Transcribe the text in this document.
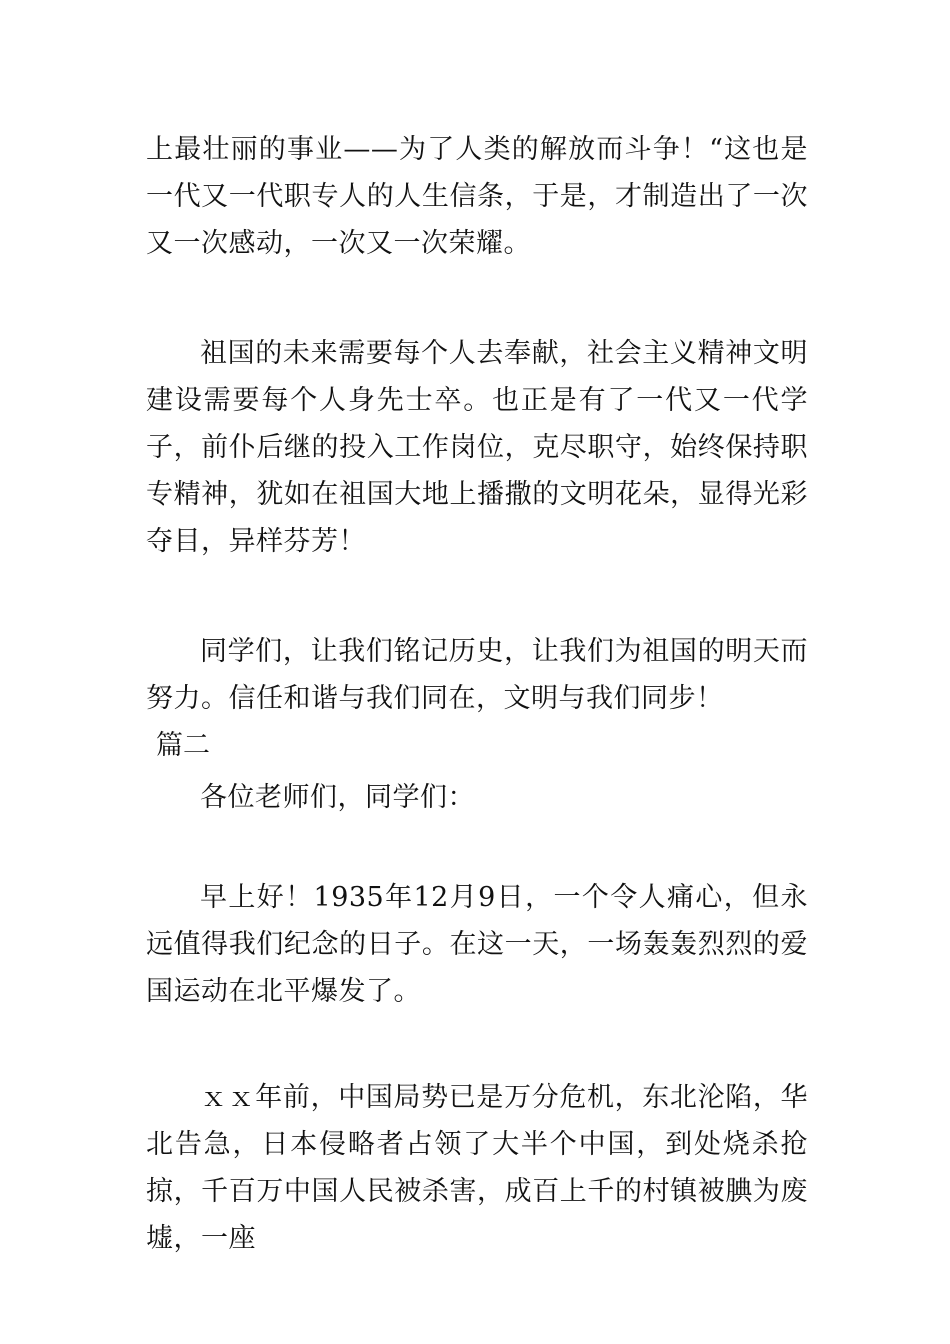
上最壮丽的事业——为了人类的解放而斗争！“这也是一代又一代职专人的人生信条，于是，才制造出了一次又一次感动，一次又一次荣耀。

祖国的未来需要每个人去奉献，社会主义精神文明建设需要每个人身先士卒。也正是有了一代又一代学子，前仆后继的投入工作岗位，克尽职守，始终保持职专精神，犹如在祖国大地上播撒的文明花朵，显得光彩夺目，异样芬芳！

同学们，让我们铭记历史，让我们为祖国的明天而努力。信任和谐与我们同在，文明与我们同步！

篇二

各位老师们，同学们：

早上好！1935年12月9日，一个令人痛心，但永远值得我们纪念的日子。在这一天，一场轰轰烈烈的爱国运动在北平爆发了。

ｘｘ年前，中国局势已是万分危机，东北沦陷，华北告急，日本侵略者占领了大半个中国，到处烧杀抢掠，千百万中国人民被杀害，成百上千的村镇被腆为废墟，一座
